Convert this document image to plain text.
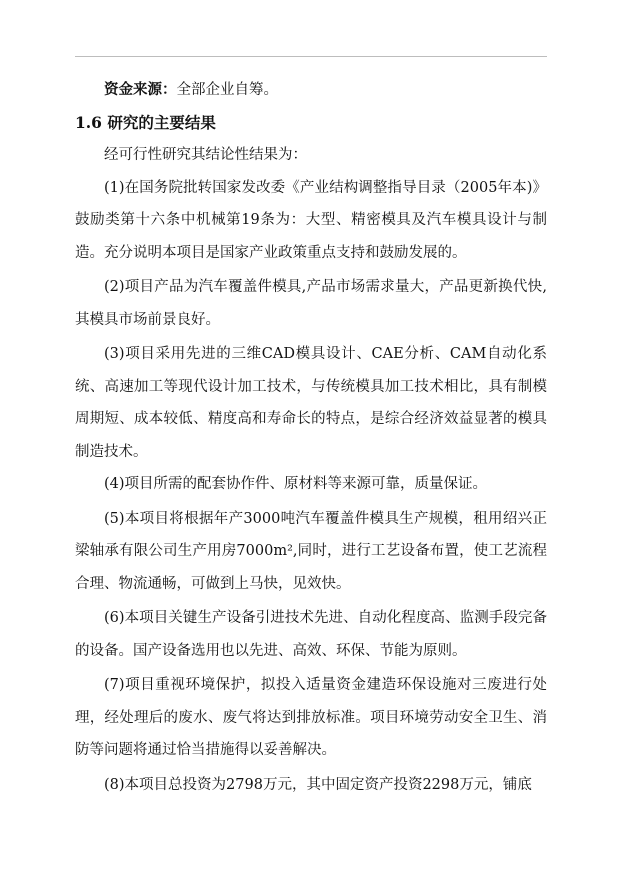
资金来源：全部企业自筹。

1.6 研究的主要结果

经可行性研究其结论性结果为：

(1)在国务院批转国家发改委《产业结构调整指导目录（2005年本)》鼓励类第十六条中机械第19条为：大型、精密模具及汽车模具设计与制造。充分说明本项目是国家产业政策重点支持和鼓励发展的。

(2)项目产品为汽车覆盖件模具,产品市场需求量大，产品更新换代快,其模具市场前景良好。

(3)项目采用先进的三维CAD模具设计、CAE分析、CAM自动化系统、高速加工等现代设计加工技术，与传统模具加工技术相比，具有制模周期短、成本较低、精度高和寿命长的特点，是综合经济效益显著的模具制造技术。

(4)项目所需的配套协作件、原材料等来源可靠，质量保证。

(5)本项目将根据年产3000吨汽车覆盖件模具生产规模，租用绍兴正梁轴承有限公司生产用房7000m²,同时，进行工艺设备布置，使工艺流程合理、物流通畅，可做到上马快，见效快。

(6)本项目关键生产设备引进技术先进、自动化程度高、监测手段完备的设备。国产设备选用也以先进、高效、环保、节能为原则。

(7)项目重视环境保护，拟投入适量资金建造环保设施对三废进行处理，经处理后的废水、废气将达到排放标准。项目环境劳动安全卫生、消防等问题将通过恰当措施得以妥善解决。

(8)本项目总投资为2798万元，其中固定资产投资2298万元，铺底
